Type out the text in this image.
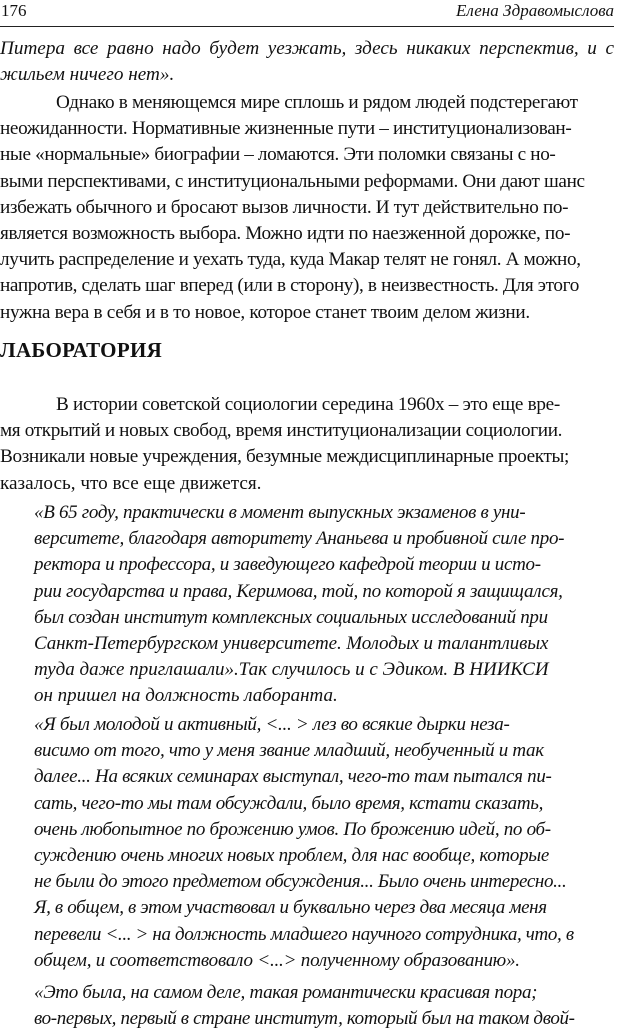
176	Елена Здравомыслова

Питера все равно надо будет уезжать, здесь никаких перспектив, и с
жильем ничего нет».

Однако в меняющемся мире сплошь и рядом людей подстерегают
неожиданности. Нормативные жизненные пути – институционализован-
ные «нормальные» биографии – ломаются. Эти поломки связаны с но-
выми перспективами, с институциональными реформами. Они дают шанс
избежать обычного и бросают вызов личности. И тут действительно по-
является возможность выбора. Можно идти по наезженной дорожке, по-
лучить распределение и уехать туда, куда Макар телят не гонял. А можно,
напротив, сделать шаг вперед (или в сторону), в неизвестность. Для этого
нужна вера в себя и в то новое, которое станет твоим делом жизни.

ЛАБОРАТОРИЯ

В истории советской социологии середина 1960х – это еще вре-
мя открытий и новых свобод, время институционализации социологии.
Возникали новые учреждения, безумные междисциплинарные проекты;
казалось, что все еще движется.

«В 65 году, практически в момент выпускных экзаменов в уни-
верситете, благодаря авторитету Ананьева и пробивной силе про-
ректора и профессора, и заведующего кафедрой теории и исто-
рии государства и права, Керимова, той, по которой я защищался,
был создан институт комплексных социальных исследований при
Санкт-Петербургском университете. Молодых и талантливых
туда даже приглашали».Так случилось и с Эдиком. В НИИКСИ
он пришел на должность лаборанта.

«Я был молодой и активный, <... > лез во всякие дырки неза-
висимо от того, что у меня звание младший, необученный и так
далее... На всяких семинарах выступал, чего-то там пытался пи-
сать, чего-то мы там обсуждали, было время, кстати сказать,
очень любопытное по брожению умов. По брожению идей, по об-
суждению очень многих новых проблем, для нас вообще, которые
не были до этого предметом обсуждения... Было очень интересно...
Я, в общем, в этом участвовал и буквально через два месяца меня
перевели <... > на должность младшего научного сотрудника, что, в
общем, и соответствовало <...> полученному образованию».

«Это была, на самом деле, такая романтически красивая пора;
во-первых, первый в стране институт, который был на таком двой-
